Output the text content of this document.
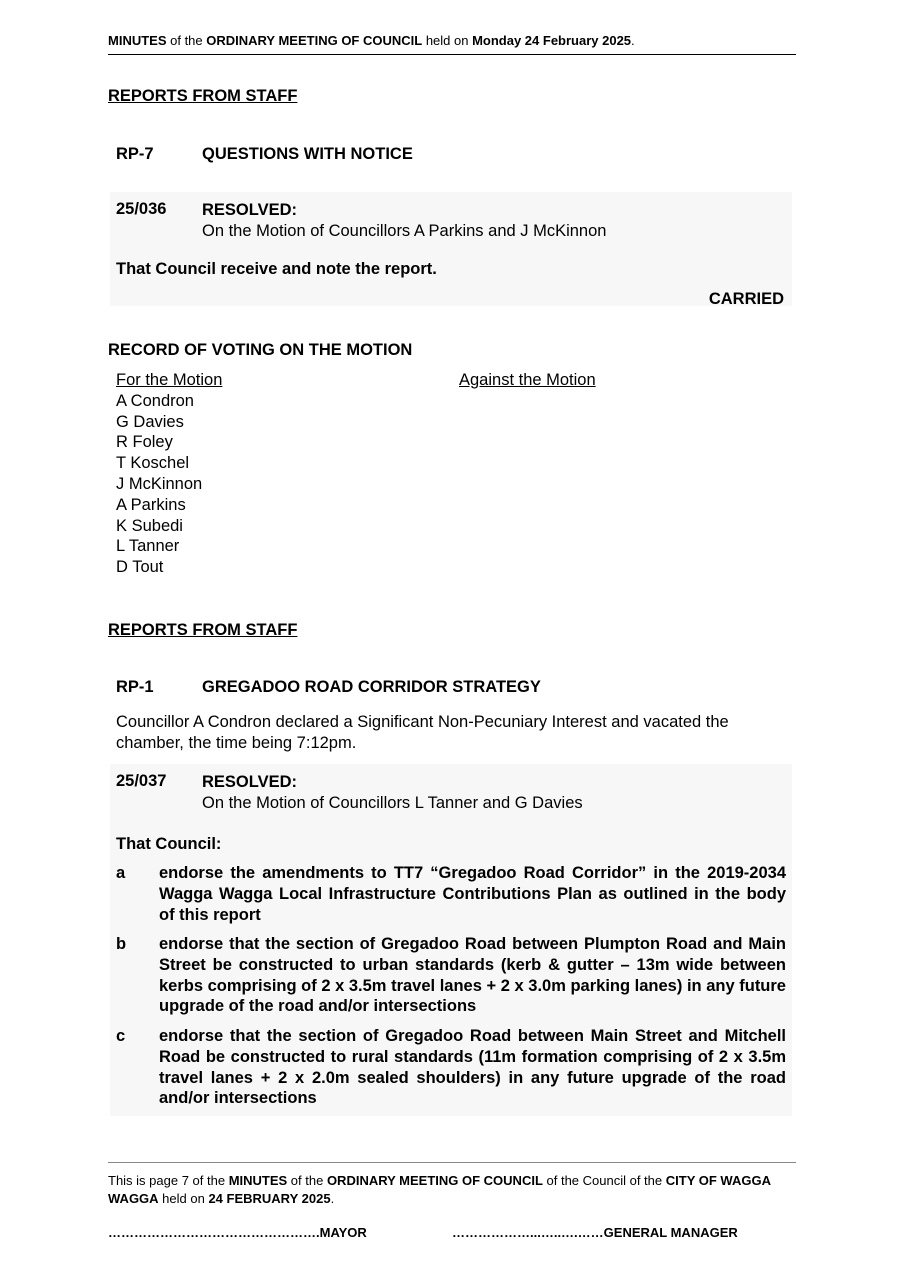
MINUTES of the ORDINARY MEETING OF COUNCIL held on Monday 24 February 2025.
REPORTS FROM STAFF
RP-7	QUESTIONS WITH NOTICE
25/036 RESOLVED:
On the Motion of Councillors A Parkins and J McKinnon
That Council receive and note the report.
CARRIED
RECORD OF VOTING ON THE MOTION
For the Motion
A Condron
G Davies
R Foley
T Koschel
J McKinnon
A Parkins
K Subedi
L Tanner
D Tout
Against the Motion
REPORTS FROM STAFF
RP-1	GREGADOO ROAD CORRIDOR STRATEGY
Councillor A Condron declared a Significant Non-Pecuniary Interest and vacated the chamber, the time being 7:12pm.
25/037 RESOLVED:
On the Motion of Councillors L Tanner and G Davies
That Council:
a endorse the amendments to TT7 “Gregadoo Road Corridor” in the 2019-2034 Wagga Wagga Local Infrastructure Contributions Plan as outlined in the body of this report
b endorse that the section of Gregadoo Road between Plumpton Road and Main Street be constructed to urban standards (kerb & gutter – 13m wide between kerbs comprising of 2 x 3.5m travel lanes + 2 x 3.0m parking lanes) in any future upgrade of the road and/or intersections
c endorse that the section of Gregadoo Road between Main Street and Mitchell Road be constructed to rural standards (11m formation comprising of 2 x 3.5m travel lanes + 2 x 2.0m sealed shoulders) in any future upgrade of the road and/or intersections
This is page 7 of the MINUTES of the ORDINARY MEETING OF COUNCIL of the Council of the CITY OF WAGGA WAGGA held on 24 FEBRUARY 2025.
………………………………………….MAYOR	………………...…..….……GENERAL MANAGER
